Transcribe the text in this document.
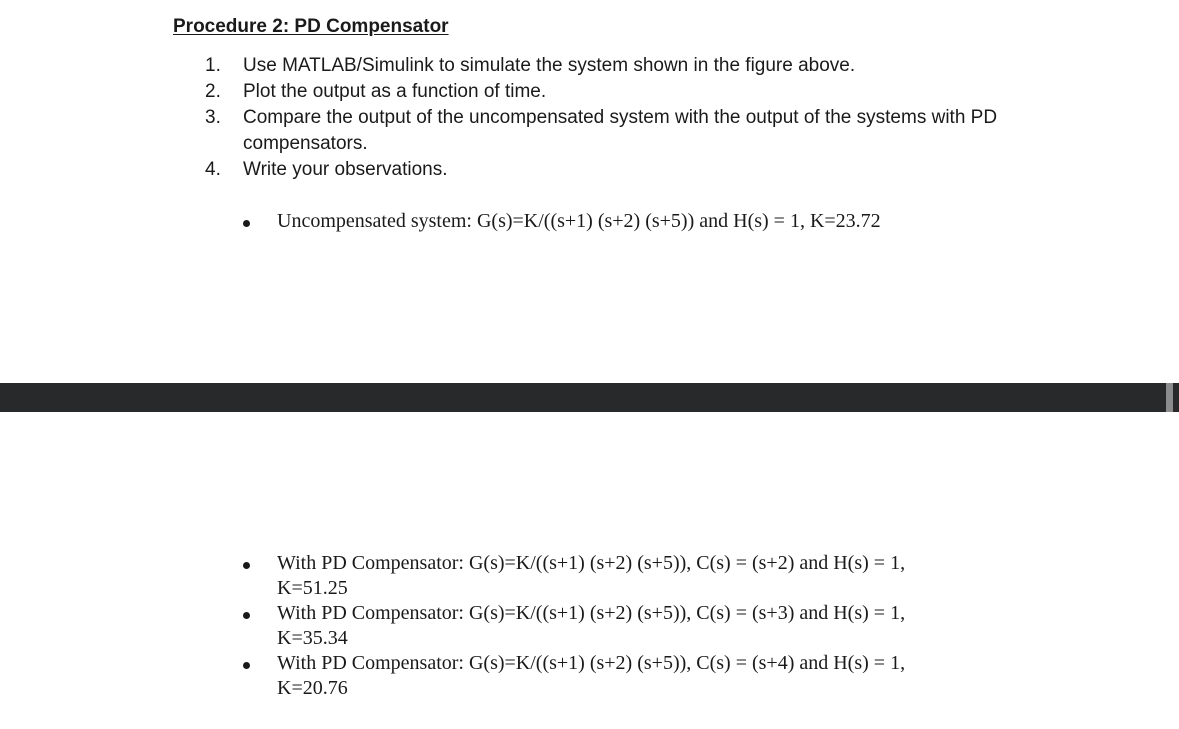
Procedure 2: PD Compensator
1.	Use MATLAB/Simulink to simulate the system shown in the figure above.
2.	Plot the output as a function of time.
3.	Compare the output of the uncompensated system with the output of the systems with PD compensators.
4.	Write your observations.
Uncompensated system: G(s)=K/((s+1) (s+2) (s+5)) and H(s) = 1, K=23.72
With PD Compensator: G(s)=K/((s+1) (s+2) (s+5)), C(s) = (s+2) and H(s) = 1, K=51.25
With PD Compensator: G(s)=K/((s+1) (s+2) (s+5)), C(s) = (s+3) and H(s) = 1, K=35.34
With PD Compensator: G(s)=K/((s+1) (s+2) (s+5)), C(s) = (s+4) and H(s) = 1, K=20.76
